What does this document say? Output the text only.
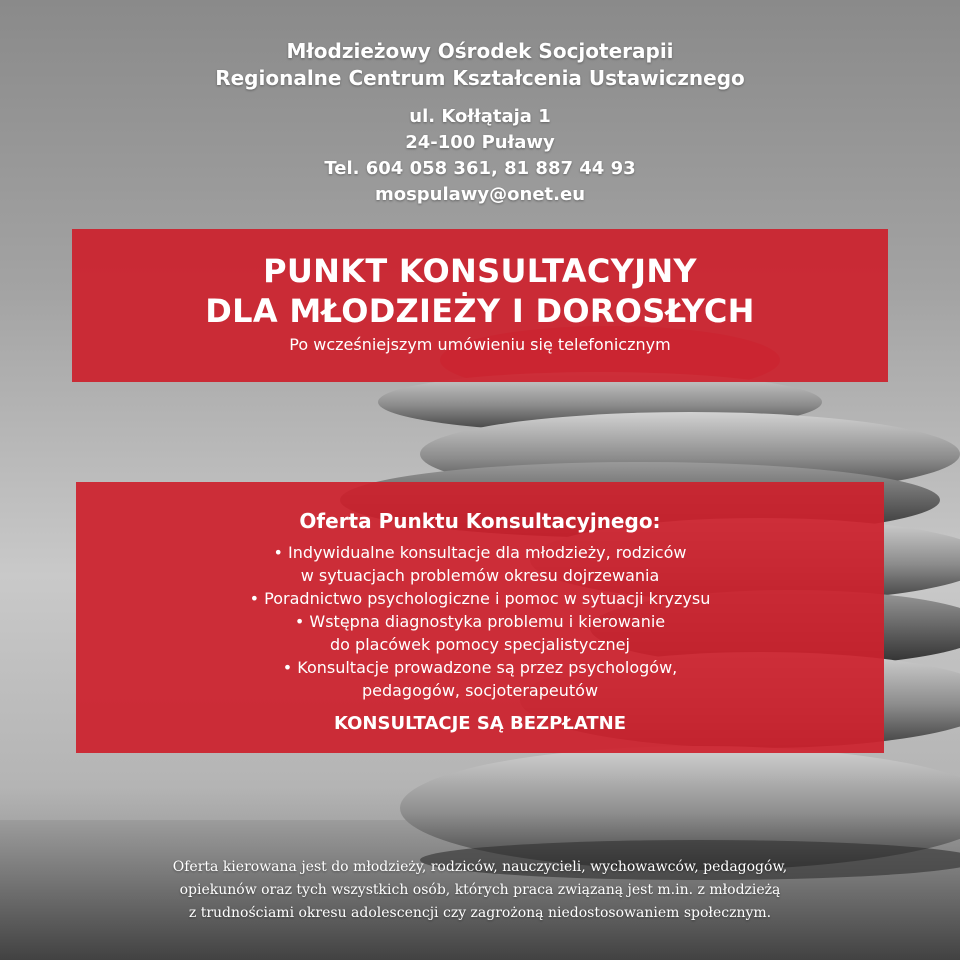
Młodzieżowy Ośrodek Socjoterapii
Regionalne Centrum Kształcenia Ustawicznego
ul. Kołłątaja 1
24-100 Puławy
Tel. 604 058 361, 81 887 44 93
mospulawy@onet.eu
PUNKT KONSULTACYJNY
DLA MŁODZIEŻY I DOROSŁYCH
Po wcześniejszym umówieniu się telefonicznym
Oferta Punktu Konsultacyjnego:
• Indywidualne konsultacje dla młodzieży, rodziców
w sytuacjach problemów okresu dojrzewania
• Poradnictwo psychologiczne i pomoc w sytuacji kryzysu
• Wstępna diagnostyka problemu i kierowanie
do placówek pomocy specjalistycznej
• Konsultacje prowadzone są przez psychologów,
pedagogów, socjoterapeutów
KONSULTACJE SĄ BEZPŁATNE
Oferta kierowana jest do młodzieży, rodziców, nauczycieli, wychowawców, pedagogów,
opiekunów oraz tych wszystkich osób, których praca związaną jest m.in. z młodzieżą
z trudnościami okresu adolescencji czy zagrożoną niedostosowaniem społecznym.
